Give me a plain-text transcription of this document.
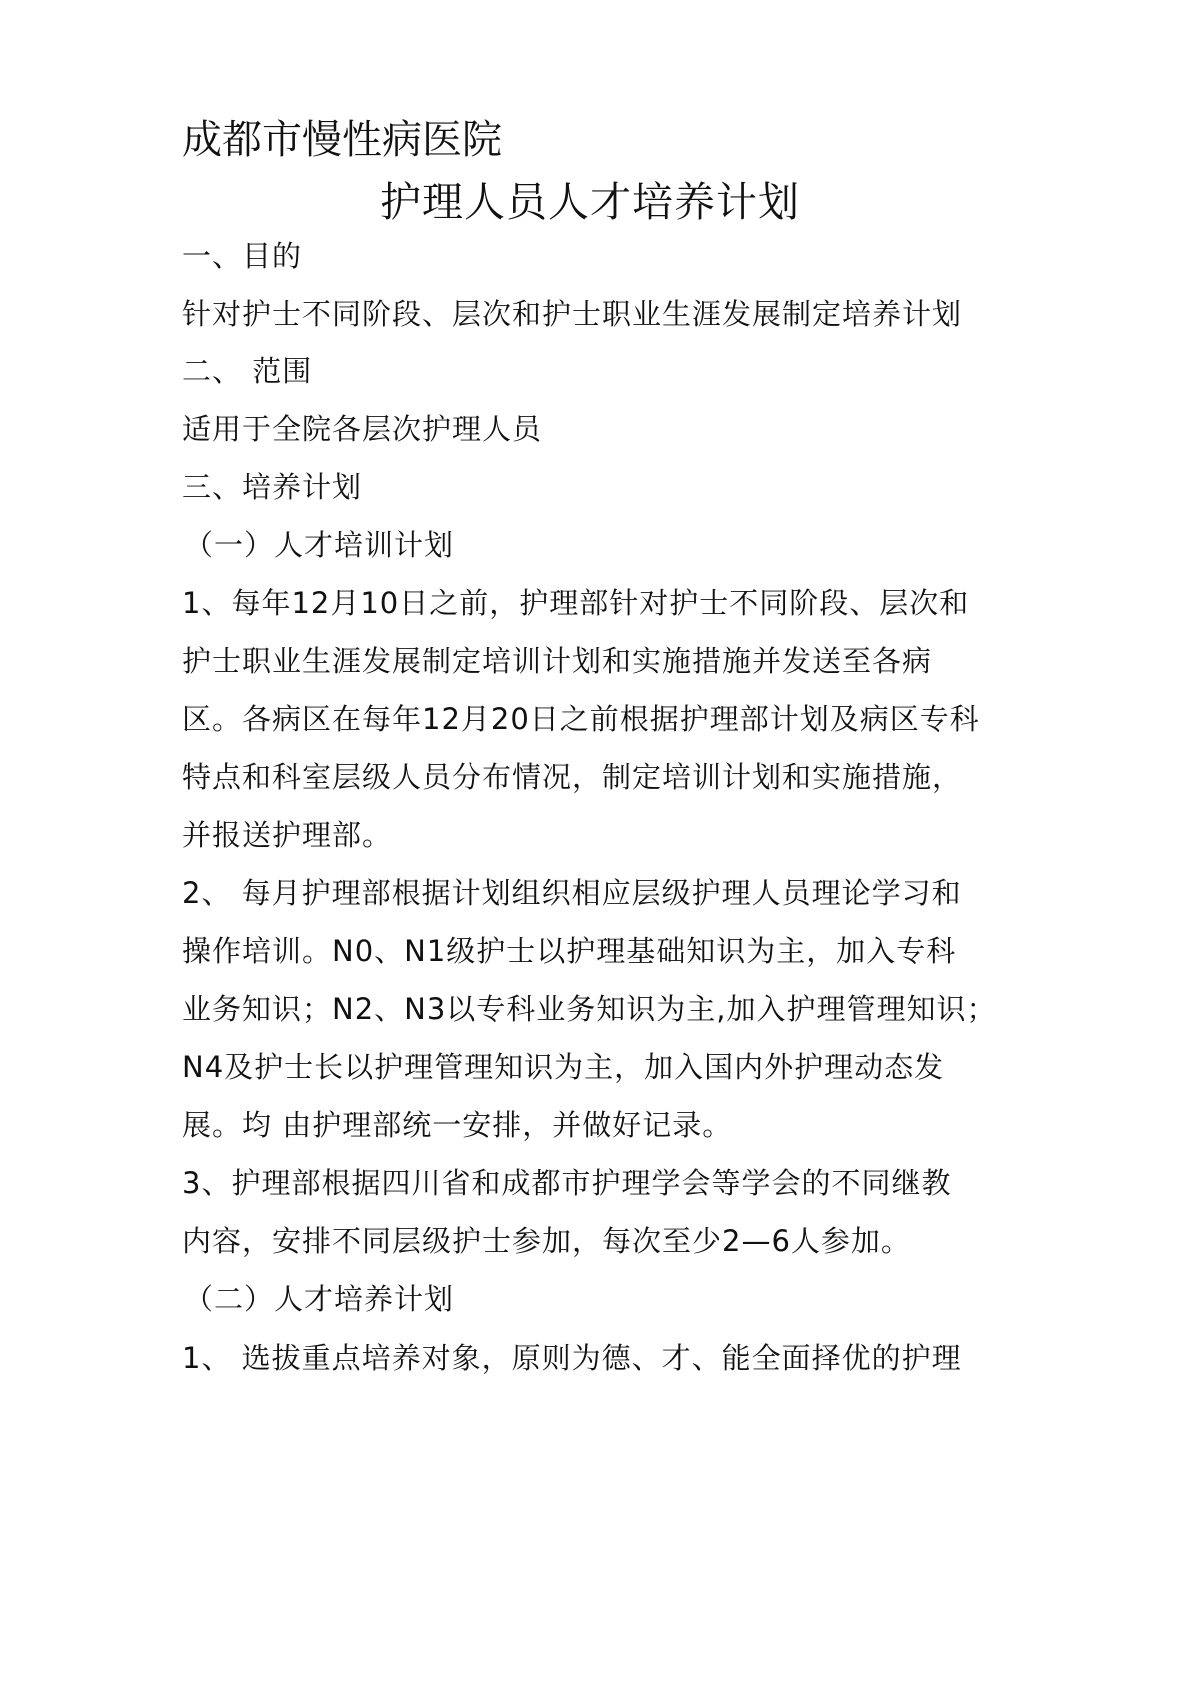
成都市慢性病医院
护理人员人才培养计划
一、目的
针对护士不同阶段、层次和护士职业生涯发展制定培养计划
二、 范围
适用于全院各层次护理人员
三、培养计划
（一）人才培训计划
1、每年12月10日之前，护理部针对护士不同阶段、层次和
护士职业生涯发展制定培训计划和实施措施并发送至各病
区。各病区在每年12月20日之前根据护理部计划及病区专科
特点和科室层级人员分布情况，制定培训计划和实施措施，
并报送护理部。
2、 每月护理部根据计划组织相应层级护理人员理论学习和
操作培训。N0、N1级护士以护理基础知识为主，加入专科
业务知识；N2、N3以专科业务知识为主,加入护理管理知识；
N4及护士长以护理管理知识为主，加入国内外护理动态发
展。均 由护理部统一安排，并做好记录。
3、护理部根据四川省和成都市护理学会等学会的不同继教
内容，安排不同层级护士参加，每次至少2—6人参加。
（二）人才培养计划
1、 选拔重点培养对象，原则为德、才、能全面择优的护理
